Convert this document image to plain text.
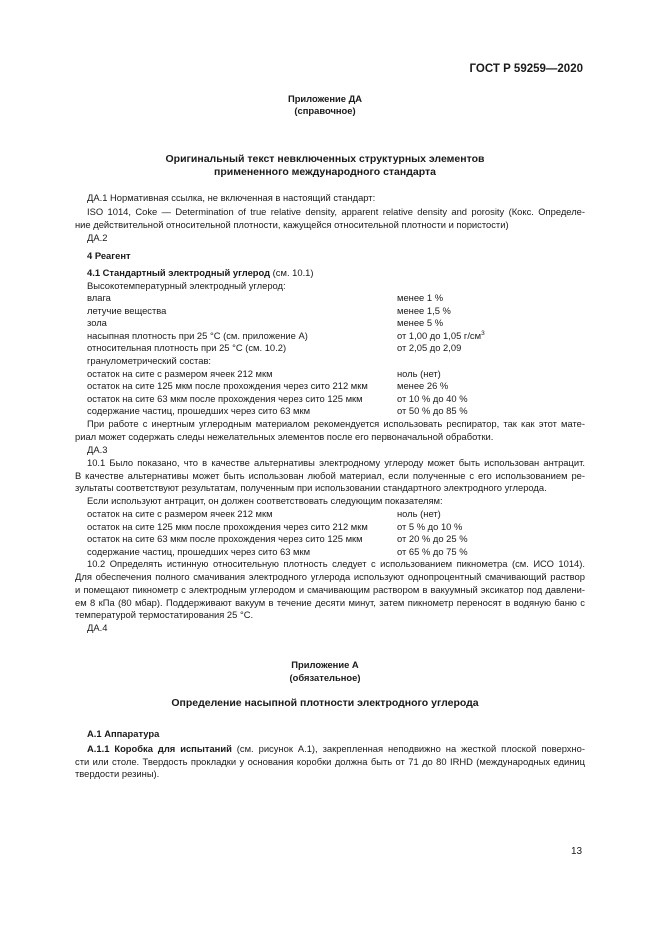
ГОСТ Р 59259—2020
Приложение ДА
(справочное)
Оригинальный текст невключенных структурных элементов
примененного международного стандарта
ДА.1 Нормативная ссылка, не включенная в настоящий стандарт:
ISO 1014, Coke — Determination of true relative density, apparent relative density and porosity (Кокс. Определе-
ние действительной относительной плотности, кажущейся относительной плотности и пористости)
ДА.2
4 Реагент
4.1 Стандартный электродный углерод (см. 10.1)
Высокотемпературный электродный углерод:
влага	менее 1 %
летучие вещества	менее 1,5 %
зола	менее 5 %
насыпная плотность при 25 °С (см. приложение А)	от 1,00 до 1,05 $г/см^3$
относительная плотность при 25 °С (см. 10.2)	от 2,05 до 2,09
гранулометрический состав:
остаток на сите с размером ячеек 212 мкм	ноль (нет)
остаток на сите 125 мкм после прохождения через сито 212 мкм	менее 26 %
остаток на сите 63 мкм после прохождения через сито 125 мкм	от 10 % до 40 %
содержание частиц, прошедших через сито 63 мкм	от 50 % до 85 %
При работе с инертным углеродным материалом рекомендуется использовать респиратор, так как этот мате-
риал может содержать следы нежелательных элементов после его первоначальной обработки.
ДА.3
10.1 Было показано, что в качестве альтернативы электродному углероду может быть использован антрацит.
В качестве альтернативы может быть использован любой материал, если полученные с его использованием ре-
зультаты соответствуют результатам, полученным при использовании стандартного электродного углерода.
Если используют антрацит, он должен соответствовать следующим показателям:
остаток на сите с размером ячеек 212 мкм	ноль (нет)
остаток на сите 125 мкм после прохождения через сито 212 мкм	от 5 % до 10 %
остаток на сите 63 мкм после прохождения через сито 125 мкм	от 20 % до 25 %
содержание частиц, прошедших через сито 63 мкм	от 65 % до 75 %
10.2 Определять истинную относительную плотность следует с использованием пикнометра (см. ИСО 1014).
Для обеспечения полного смачивания электродного углерода используют однопроцентный смачивающий раствор
и помещают пикнометр с электродным углеродом и смачивающим раствором в вакуумный эксикатор под давлени-
ем 8 кПа (80 мбар). Поддерживают вакуум в течение десяти минут, затем пикнометр переносят в водяную баню с
температурой термостатирования 25 °С.
ДА.4
Приложение А
(обязательное)
Определение насыпной плотности электродного углерода
А.1 Аппаратура
А.1.1 Коробка для испытаний (см. рисунок А.1), закрепленная неподвижно на жесткой плоской поверхно-
сти или столе. Твердость прокладки у основания коробки должна быть от 71 до 80 IRHD (международных единиц
твердости резины).
13
